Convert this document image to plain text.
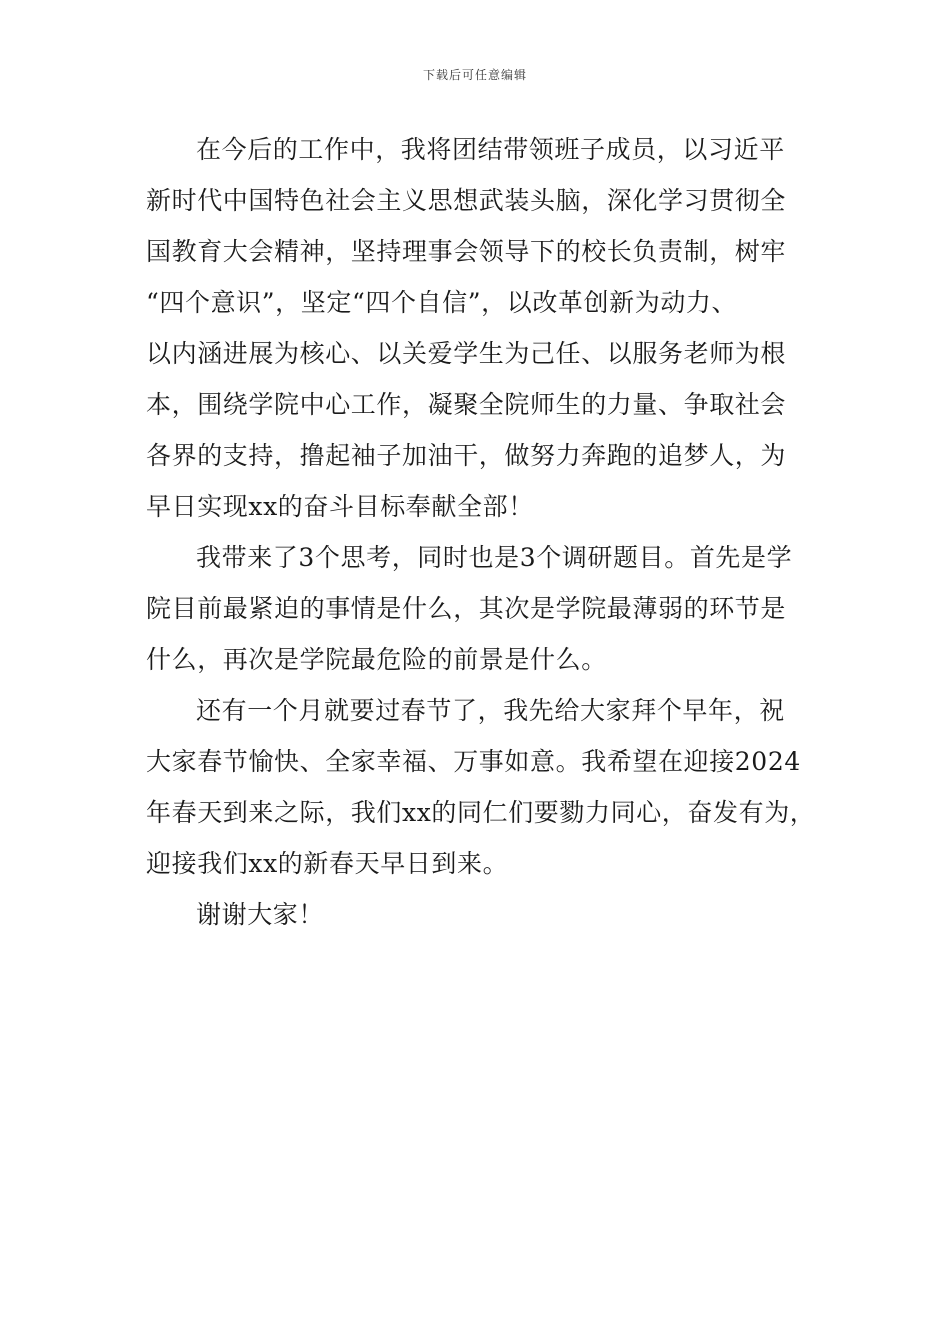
下载后可任意编辑

在今后的工作中，我将团结带领班子成员，以习近平
新时代中国特色社会主义思想武装头脑，深化学习贯彻全
国教育大会精神，坚持理事会领导下的校长负责制，树牢
“四个意识”，坚定“四个自信”，以改革创新为动力、
以内涵进展为核心、以关爱学生为己任、以服务老师为根
本，围绕学院中心工作，凝聚全院师生的力量、争取社会
各界的支持，撸起袖子加油干，做努力奔跑的追梦人，为
早日实现xx的奋斗目标奉献全部！

我带来了3个思考，同时也是3个调研题目。首先是学
院目前最紧迫的事情是什么，其次是学院最薄弱的环节是
什么，再次是学院最危险的前景是什么。

还有一个月就要过春节了，我先给大家拜个早年，祝
大家春节愉快、全家幸福、万事如意。我希望在迎接2024
年春天到来之际，我们xx的同仁们要勠力同心，奋发有为，
迎接我们xx的新春天早日到来。

谢谢大家！
